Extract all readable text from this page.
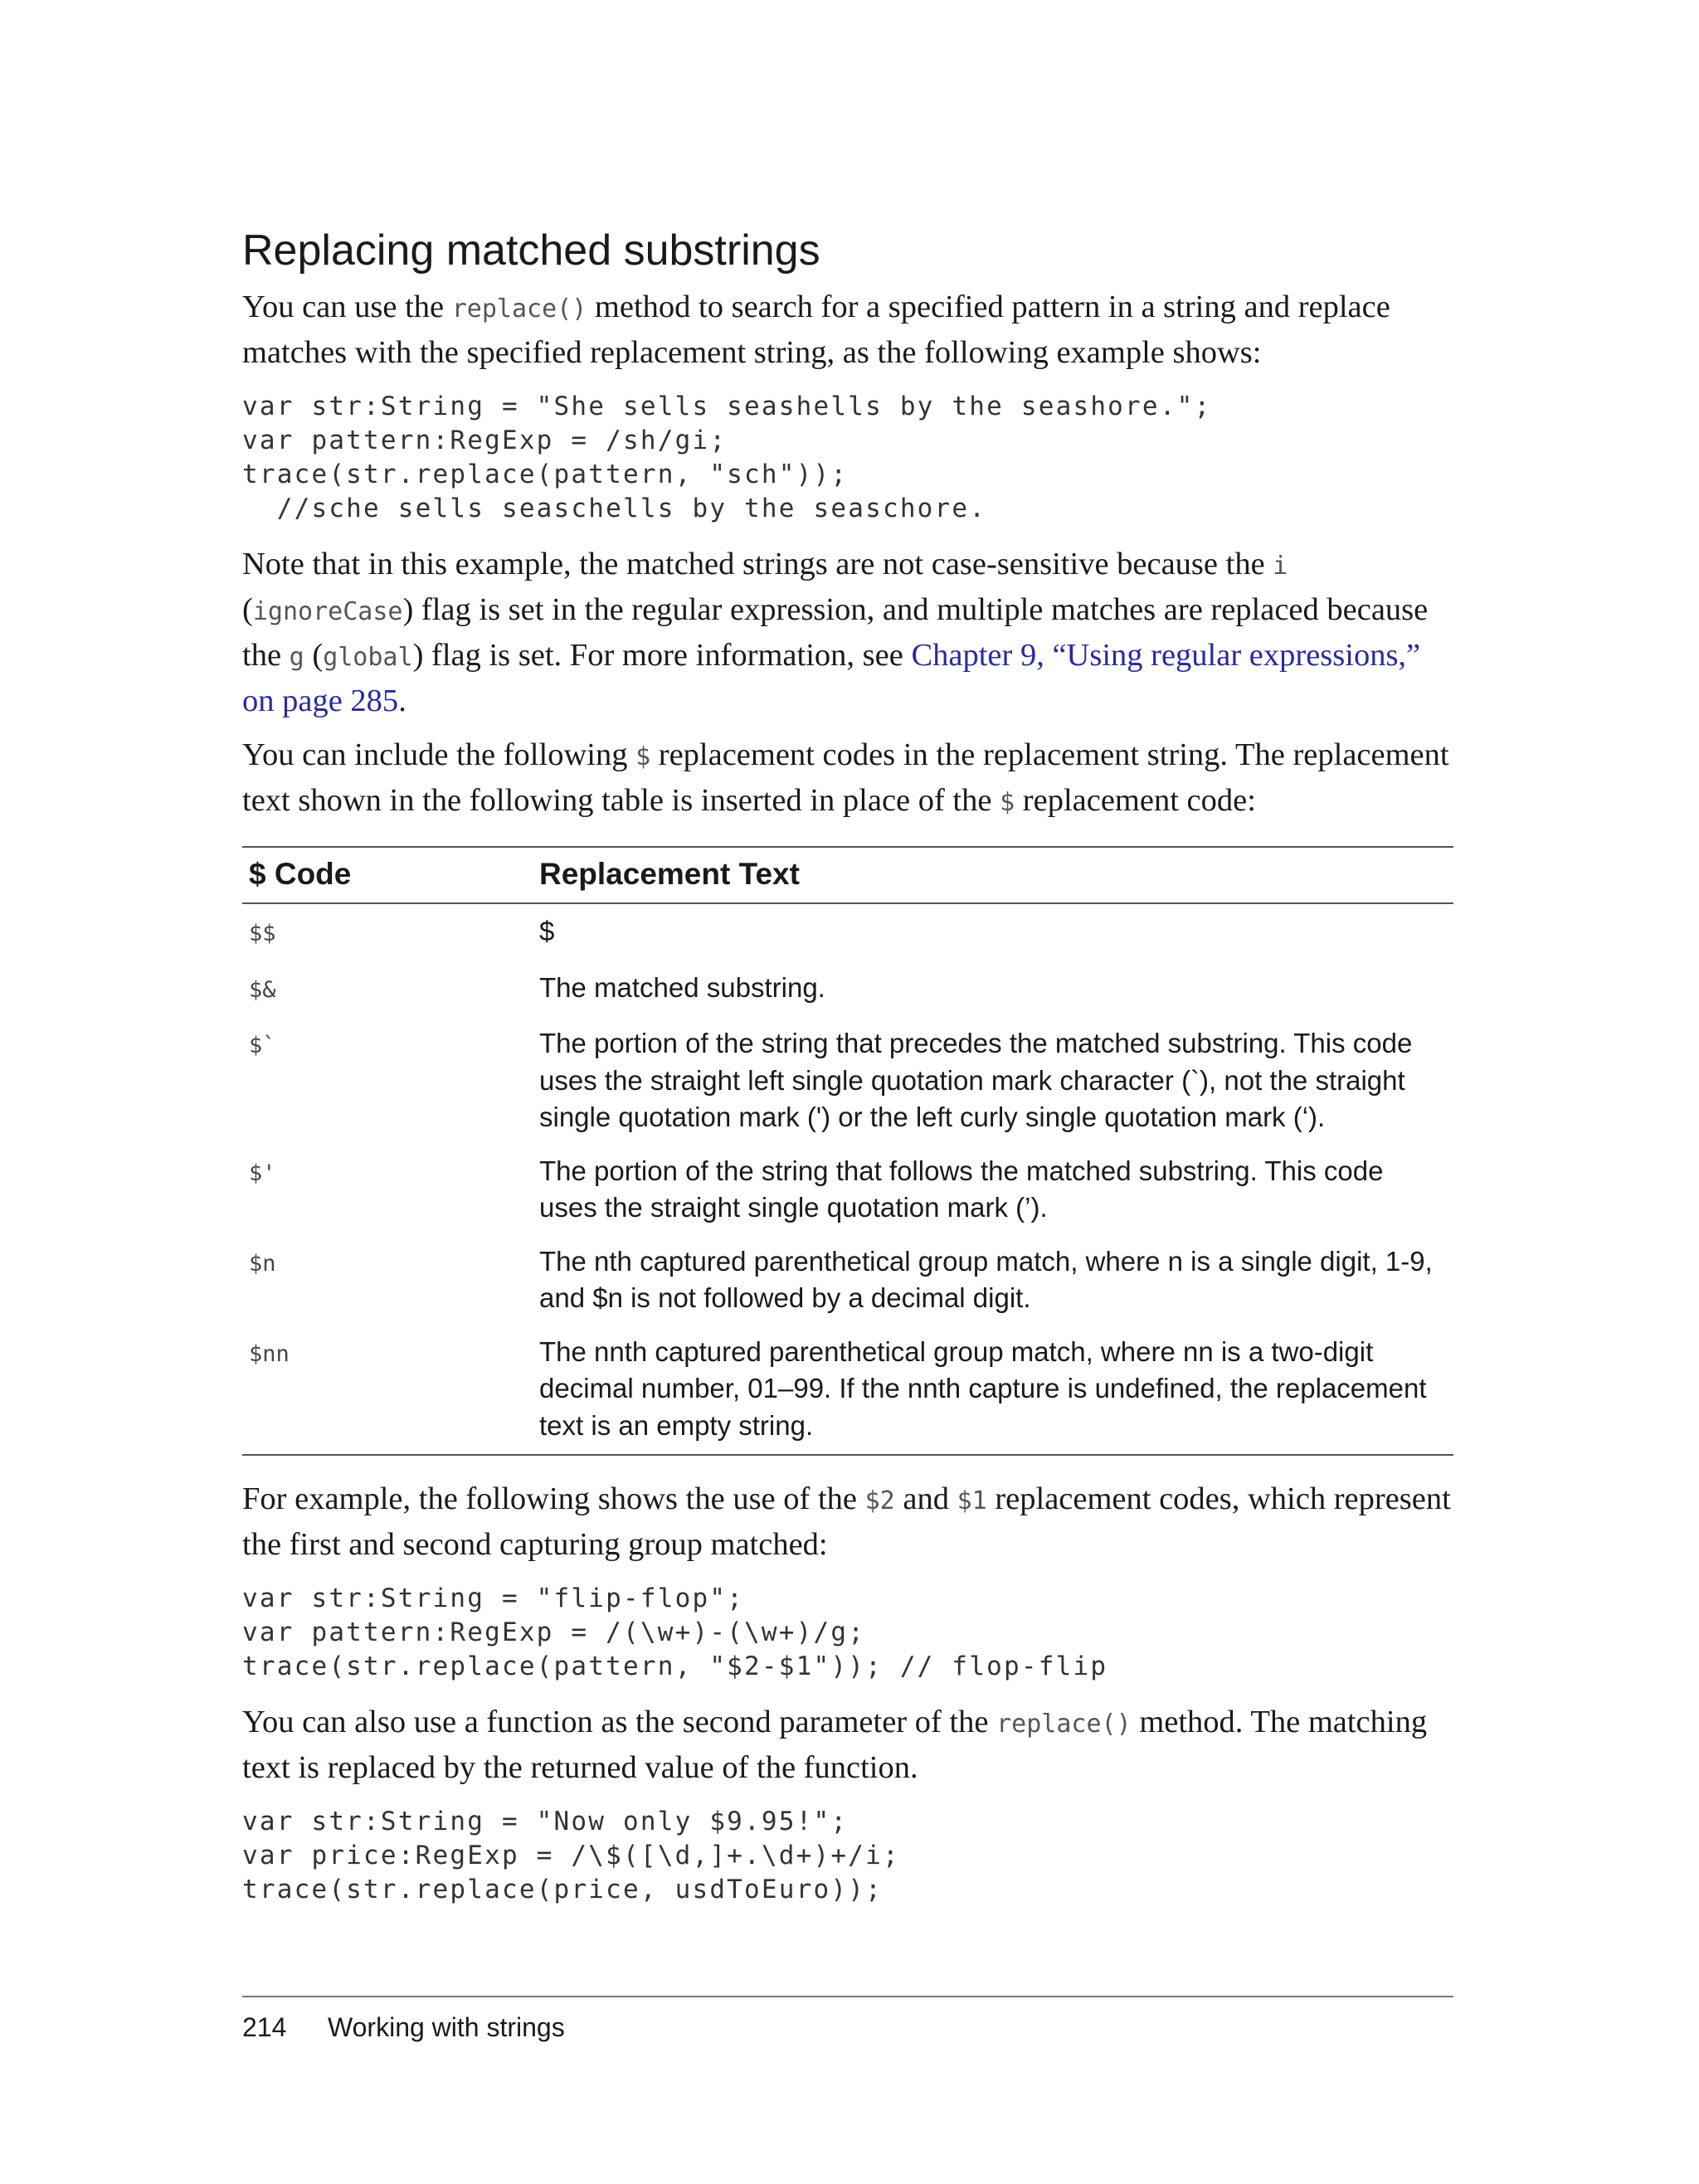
Replacing matched substrings

You can use the replace() method to search for a specified pattern in a string and replace matches with the specified replacement string, as the following example shows:

var str:String = "She sells seashells by the seashore.";
var pattern:RegExp = /sh/gi;
trace(str.replace(pattern, "sch"));
//sche sells seaschells by the seaschore.

Note that in this example, the matched strings are not case-sensitive because the i (ignoreCase) flag is set in the regular expression, and multiple matches are replaced because the g (global) flag is set. For more information, see Chapter 9, “Using regular expressions,” on page 285.

You can include the following $ replacement codes in the replacement string. The replacement text shown in the following table is inserted in place of the $ replacement code:

$ Code	Replacement Text
$$	$
$&	The matched substring.
$`	The portion of the string that precedes the matched substring. This code uses the straight left single quotation mark character (`), not the straight single quotation mark (') or the left curly single quotation mark (‘).
$'	The portion of the string that follows the matched substring. This code uses the straight single quotation mark (’).
$n	The nth captured parenthetical group match, where n is a single digit, 1-9, and $n is not followed by a decimal digit.
$nn	The nnth captured parenthetical group match, where nn is a two-digit decimal number, 01–99. If the nnth capture is undefined, the replacement text is an empty string.

For example, the following shows the use of the $2 and $1 replacement codes, which represent the first and second capturing group matched:

var str:String = "flip-flop";
var pattern:RegExp = /(\w+)-(\w+)/g;
trace(str.replace(pattern, "$2-$1")); // flop-flip

You can also use a function as the second parameter of the replace() method. The matching text is replaced by the returned value of the function.

var str:String = "Now only $9.95!";
var price:RegExp = /\$([\d,]+.\d+)+/i;
trace(str.replace(price, usdToEuro));
214 Working with strings
